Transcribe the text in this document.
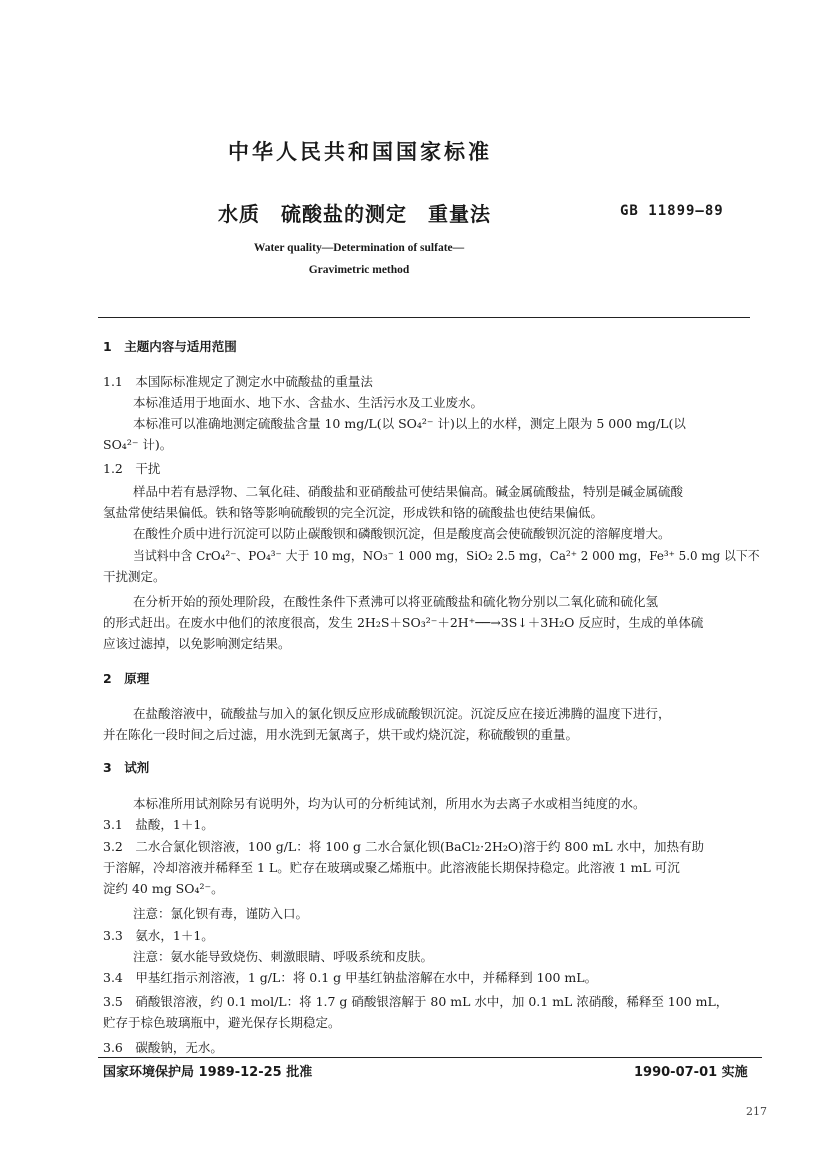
中华人民共和国国家标准
水质　硫酸盐的测定　重量法	GB 11899—89
Water quality—Determination of sulfate—
Gravimetric method
1　主题内容与适用范围
1.1　本国际标准规定了测定水中硫酸盐的重量法
本标准适用于地面水、地下水、含盐水、生活污水及工业废水。
本标准可以准确地测定硫酸盐含量 10 mg/L(以 SO₄²⁻ 计)以上的水样，测定上限为 5 000 mg/L(以
SO₄²⁻ 计)。
1.2　干扰
样品中若有悬浮物、二氧化硅、硝酸盐和亚硝酸盐可使结果偏高。碱金属硫酸盐，特别是碱金属硫酸
氢盐常使结果偏低。铁和铬等影响硫酸钡的完全沉淀，形成铁和铬的硫酸盐也使结果偏低。
在酸性介质中进行沉淀可以防止碳酸钡和磷酸钡沉淀，但是酸度高会使硫酸钡沉淀的溶解度增大。
当试料中含 CrO₄²⁻、PO₄³⁻ 大于 10 mg，NO₃⁻ 1 000 mg，SiO₂ 2.5 mg，Ca²⁺ 2 000 mg，Fe³⁺ 5.0 mg 以下不
干扰测定。
在分析开始的预处理阶段，在酸性条件下煮沸可以将亚硫酸盐和硫化物分别以二氧化硫和硫化氢
的形式赶出。在废水中他们的浓度很高，发生 2H₂S＋SO₃²⁻＋2H⁺──→3S↓＋3H₂O 反应时，生成的单体硫
应该过滤掉，以免影响测定结果。
2　原理
在盐酸溶液中，硫酸盐与加入的氯化钡反应形成硫酸钡沉淀。沉淀反应在接近沸腾的温度下进行，
并在陈化一段时间之后过滤，用水洗到无氯离子，烘干或灼烧沉淀，称硫酸钡的重量。
3　试剂
本标准所用试剂除另有说明外，均为认可的分析纯试剂，所用水为去离子水或相当纯度的水。
3.1　盐酸，1＋1。
3.2　二水合氯化钡溶液，100 g/L：将 100 g 二水合氯化钡(BaCl₂·2H₂O)溶于约 800 mL 水中，加热有助
于溶解，冷却溶液并稀释至 1 L。贮存在玻璃或聚乙烯瓶中。此溶液能长期保持稳定。此溶液 1 mL 可沉
淀约 40 mg SO₄²⁻。
注意：氯化钡有毒，谨防入口。
3.3　氨水，1＋1。
注意：氨水能导致烧伤、刺激眼睛、呼吸系统和皮肤。
3.4　甲基红指示剂溶液，1 g/L：将 0.1 g 甲基红钠盐溶解在水中，并稀释到 100 mL。
3.5　硝酸银溶液，约 0.1 mol/L：将 1.7 g 硝酸银溶解于 80 mL 水中，加 0.1 mL 浓硝酸，稀释至 100 mL，
贮存于棕色玻璃瓶中，避光保存长期稳定。
3.6　碳酸钠，无水。
国家环境保护局 1989-12-25 批准	1990-07-01 实施
217
